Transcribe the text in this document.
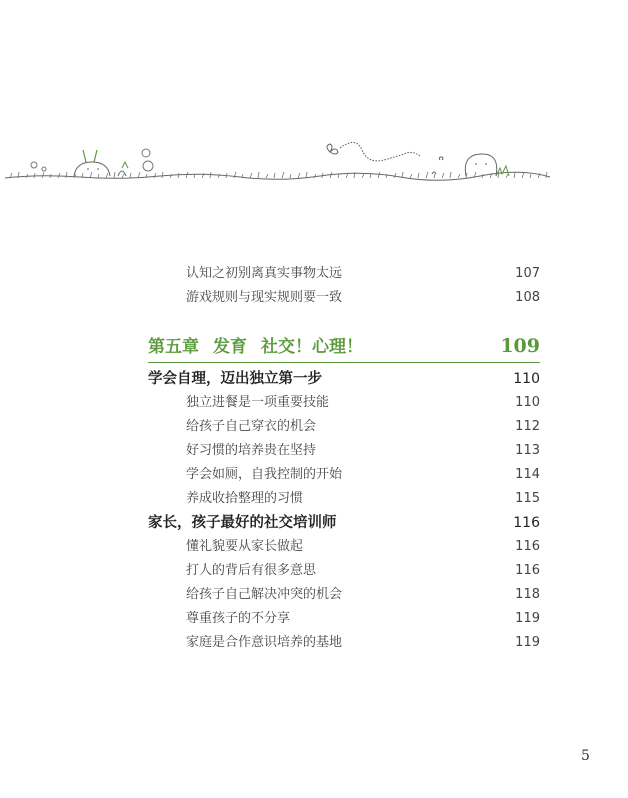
认知之初别离真实事物太远	107
游戏规则与现实规则要一致	108
第五章 发育 社交！心理！	109
学会自理，迈出独立第一步	110
独立进餐是一项重要技能	110
给孩子自己穿衣的机会	112
好习惯的培养贵在坚持	113
学会如厕，自我控制的开始	114
养成收拾整理的习惯	115
家长，孩子最好的社交培训师	116
懂礼貌要从家长做起	116
打人的背后有很多意思	116
给孩子自己解决冲突的机会	118
尊重孩子的不分享	119
家庭是合作意识培养的基地	119
5
